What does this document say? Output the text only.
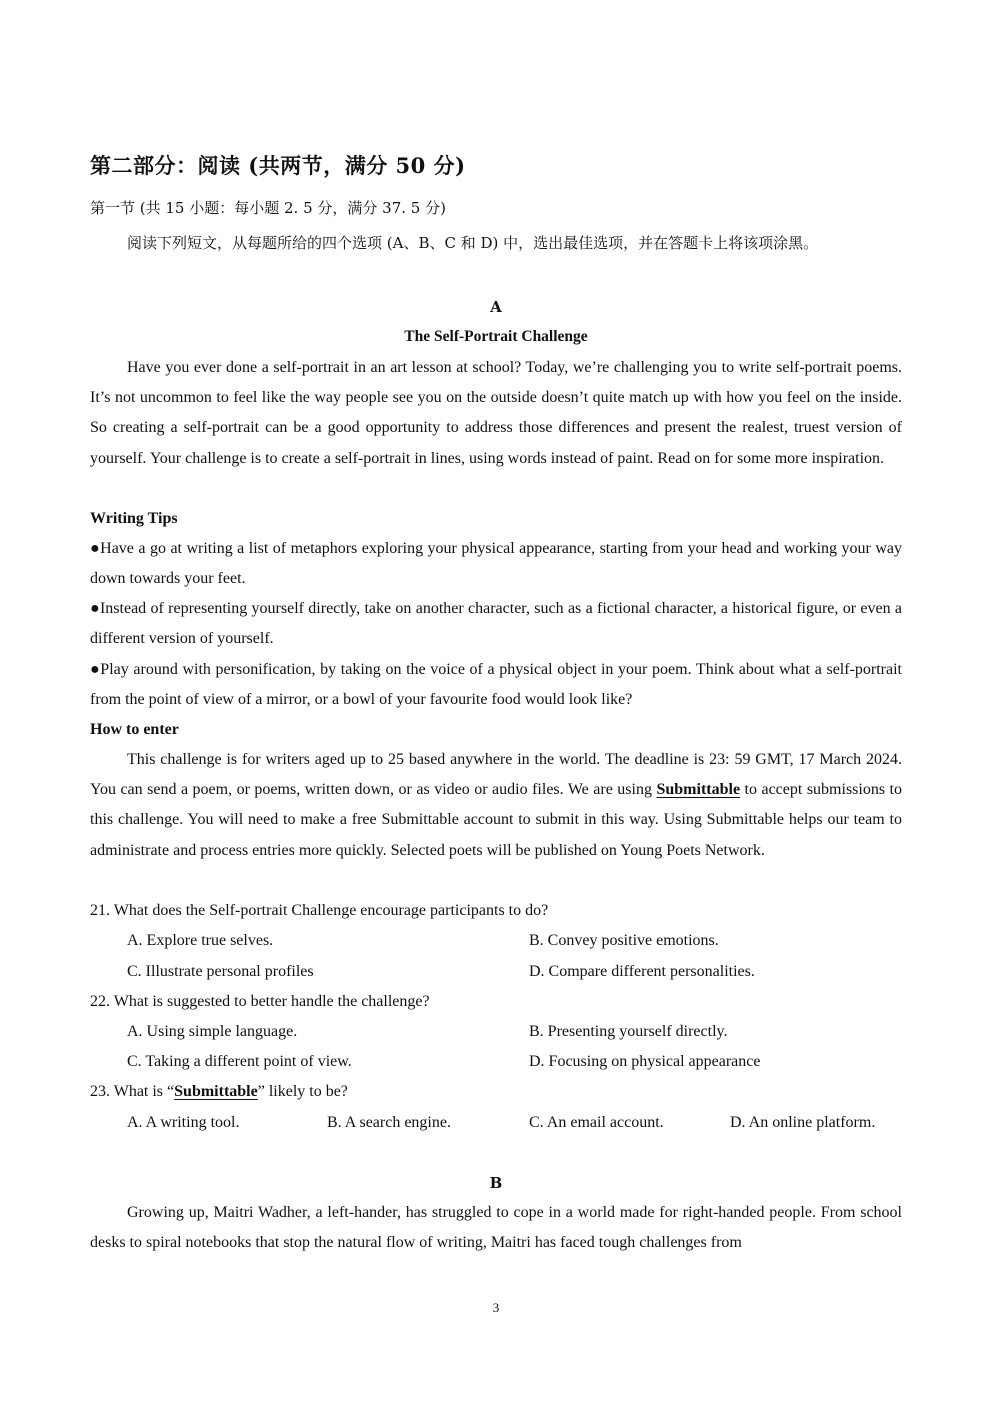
第二部分：阅读 (共两节，满分 50 分)
第一节 (共 15 小题：每小题 2. 5 分，满分 37. 5 分)
阅读下列短文，从每题所给的四个选项 (A、B、C 和 D) 中，选出最佳选项，并在答题卡上将该项涂黑。
A
The Self-Portrait Challenge
Have you ever done a self-portrait in an art lesson at school? Today, we’re challenging you to write self-portrait poems. It’s not uncommon to feel like the way people see you on the outside doesn’t quite match up with how you feel on the inside. So creating a self-portrait can be a good opportunity to address those differences and present the realest, truest version of yourself. Your challenge is to create a self-portrait in lines, using words instead of paint. Read on for some more inspiration.
Writing Tips
●Have a go at writing a list of metaphors exploring your physical appearance, starting from your head and working your way down towards your feet.
●Instead of representing yourself directly, take on another character, such as a fictional character, a historical figure, or even a different version of yourself.
●Play around with personification, by taking on the voice of a physical object in your poem. Think about what a self-portrait from the point of view of a mirror, or a bowl of your favourite food would look like?
How to enter
This challenge is for writers aged up to 25 based anywhere in the world. The deadline is 23: 59 GMT, 17 March 2024. You can send a poem, or poems, written down, or as video or audio files. We are using Submittable to accept submissions to this challenge. You will need to make a free Submittable account to submit in this way. Using Submittable helps our team to administrate and process entries more quickly. Selected poets will be published on Young Poets Network.
21. What does the Self-portrait Challenge encourage participants to do?
A. Explore true selves.	B. Convey positive emotions.
C. Illustrate personal profiles	D. Compare different personalities.
22. What is suggested to better handle the challenge?
A. Using simple language.	B. Presenting yourself directly.
C. Taking a different point of view.	D. Focusing on physical appearance
23. What is “Submittable” likely to be?
A. A writing tool.	B. A search engine.	C. An email account.	D. An online platform.
B
Growing up, Maitri Wadher, a left-hander, has struggled to cope in a world made for right-handed people. From school desks to spiral notebooks that stop the natural flow of writing, Maitri has faced tough challenges from
3
